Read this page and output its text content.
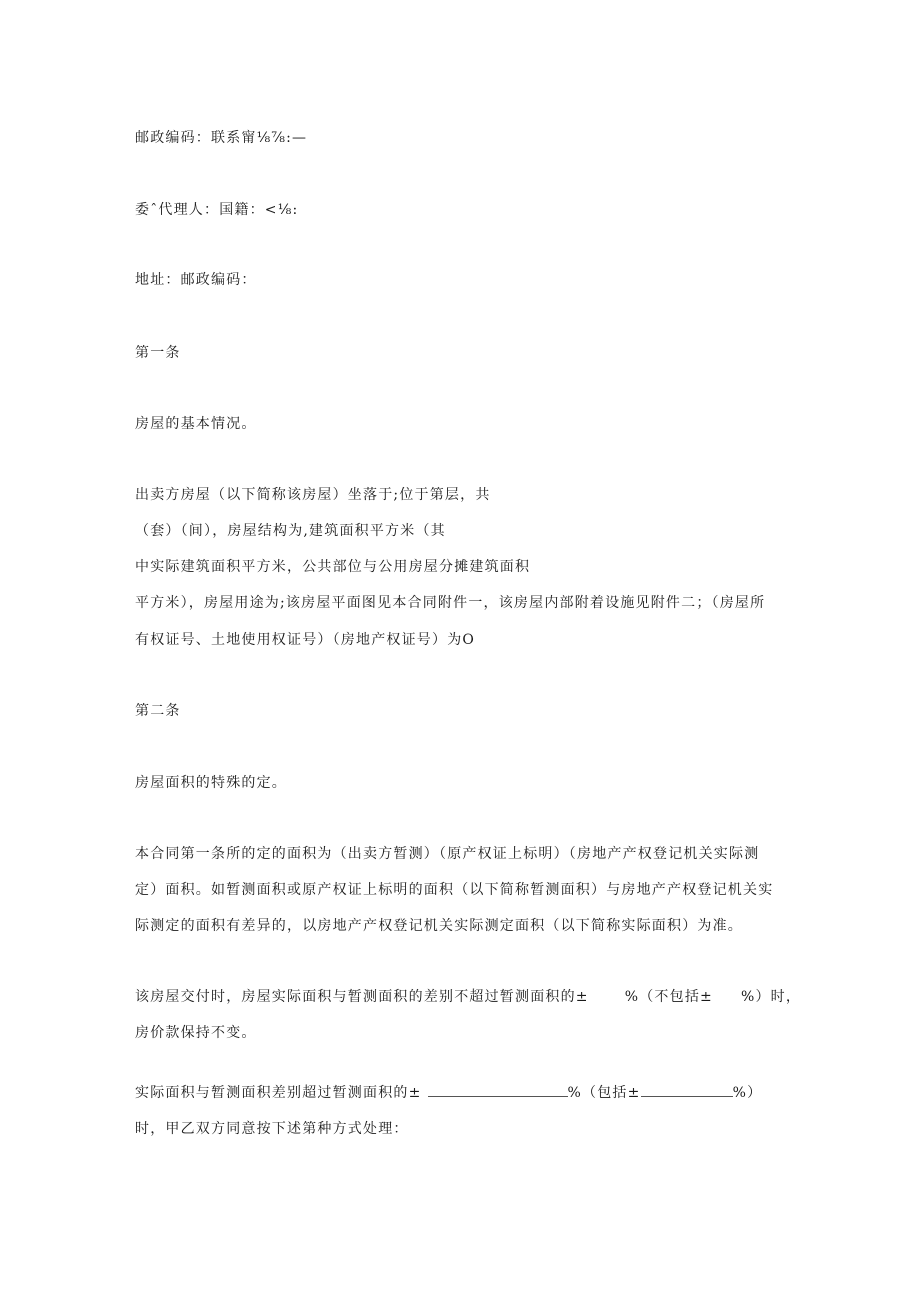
邮政编码：联系甯⅛⅞:—
委ˆ代理人：国籍：<⅛:
地址：邮政编码：
第一条
房屋的基本情况。
出卖方房屋（以下简称该房屋）坐落于;位于第层，共
（套）（间），房屋结构为,建筑面积平方米（其
中实际建筑面积平方米，公共部位与公用房屋分摊建筑面积
平方米），房屋用途为;该房屋平面图见本合同附件一，该房屋内部附着设施见附件二；（房屋所
有权证号、土地使用权证号）（房地产权证号）为O
第二条
房屋面积的特殊的定。
本合同第一条所的定的面积为（出卖方暂测）（原产权证上标明）（房地产产权登记机关实际测
定）面积。如暂测面积或原产权证上标明的面积（以下简称暂测面积）与房地产产权登记机关实
际测定的面积有差异的，以房地产产权登记机关实际测定面积（以下简称实际面积）为准。
该房屋交付时，房屋实际面积与暂测面积的差别不超过暂测面积的±	%（不包括± %）时，
房价款保持不变。
实际面积与暂测面积差别超过暂测面积的±	%（包括±	%）
时，甲乙双方同意按下述第种方式处理：
